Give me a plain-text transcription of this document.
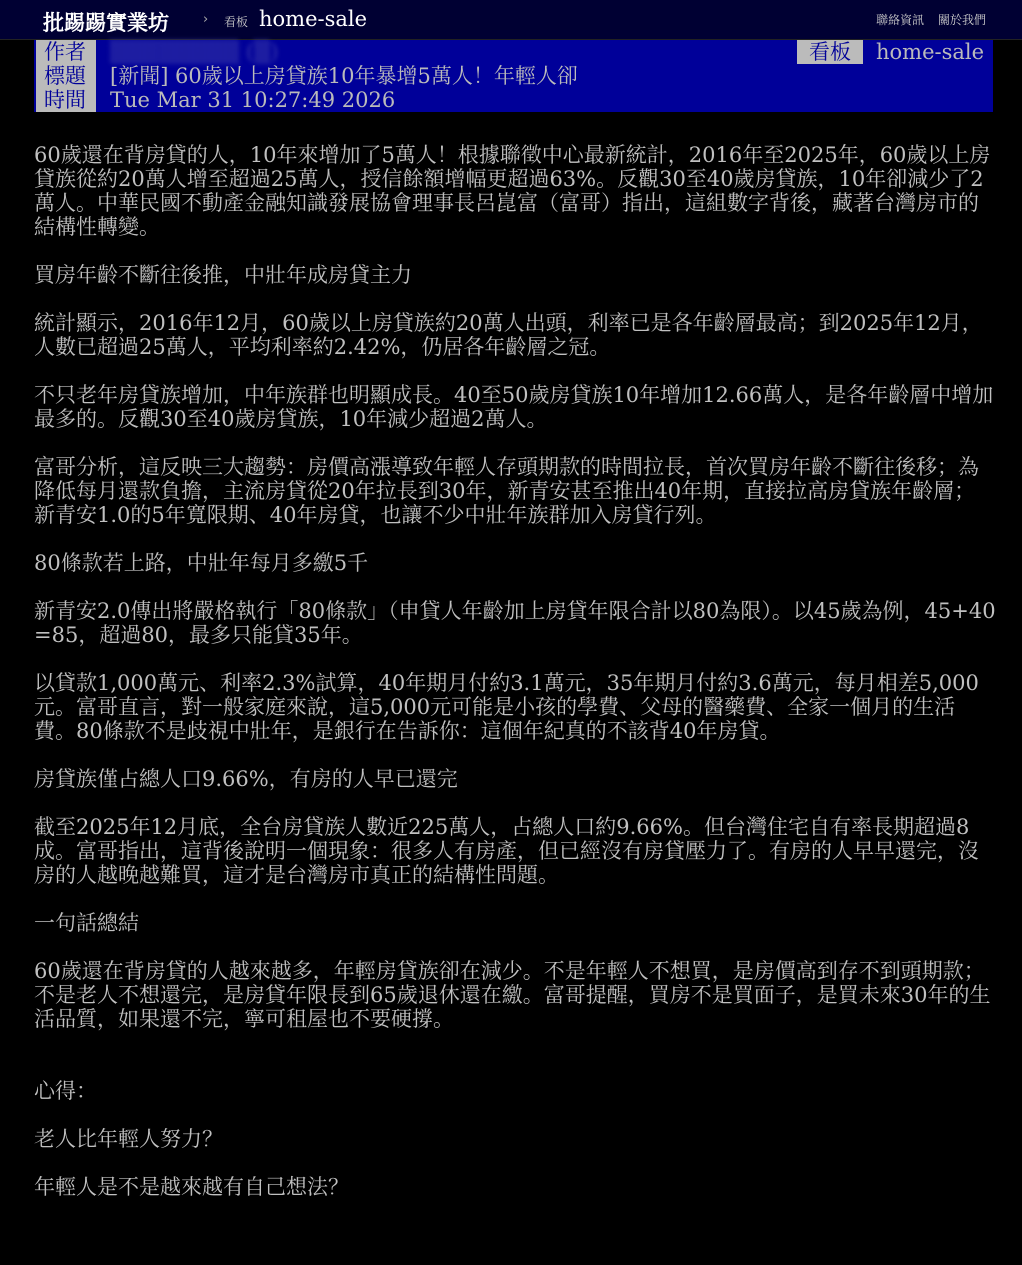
批踢踢實業坊	› 看板 home-sale	聯絡資訊 關於我們
作者	▒▒▒▒▒▒▒▒ (▒)	看板	home-sale
標題	[新聞] 60歲以上房貸族10年暴增5萬人！年輕人卻
時間	Tue Mar 31 10:27:49 2026

60歲還在背房貸的人，10年來增加了5萬人！根據聯徵中心最新統計，2016年至2025年，60歲以上房貸族從約20萬人增至超過25萬人，授信餘額增幅更超過63%。反觀30至40歲房貸族，10年卻減少了2萬人。中華民國不動產金融知識發展協會理事長呂崑富（富哥）指出，這組數字背後，藏著台灣房市的結構性轉變。

買房年齡不斷往後推，中壯年成房貸主力

統計顯示，2016年12月，60歲以上房貸族約20萬人出頭，利率已是各年齡層最高；到2025年12月，人數已超過25萬人，平均利率約2.42%，仍居各年齡層之冠。

不只老年房貸族增加，中年族群也明顯成長。40至50歲房貸族10年增加12.66萬人，是各年齡層中增加最多的。反觀30至40歲房貸族，10年減少超過2萬人。

富哥分析，這反映三大趨勢：房價高漲導致年輕人存頭期款的時間拉長，首次買房年齡不斷往後移；為降低每月還款負擔，主流房貸從20年拉長到30年，新青安甚至推出40年期，直接拉高房貸族年齡層；新青安1.0的5年寬限期、40年房貸，也讓不少中壯年族群加入房貸行列。

80條款若上路，中壯年每月多繳5千

新青安2.0傳出將嚴格執行「80條款」（申貸人年齡加上房貸年限合計以80為限）。以45歲為例，45+40=85，超過80，最多只能貸35年。

以貸款1,000萬元、利率2.3%試算，40年期月付約3.1萬元，35年期月付約3.6萬元，每月相差5,000元。富哥直言，對一般家庭來說，這5,000元可能是小孩的學費、父母的醫藥費、全家一個月的生活費。80條款不是歧視中壯年，是銀行在告訴你：這個年紀真的不該背40年房貸。

房貸族僅占總人口9.66%，有房的人早已還完

截至2025年12月底，全台房貸族人數近225萬人，占總人口約9.66%。但台灣住宅自有率長期超過8成。富哥指出，這背後說明一個現象：很多人有房產，但已經沒有房貸壓力了。有房的人早早還完，沒房的人越晚越難買，這才是台灣房市真正的結構性問題。

一句話總結

60歲還在背房貸的人越來越多，年輕房貸族卻在減少。不是年輕人不想買，是房價高到存不到頭期款；不是老人不想還完，是房貸年限長到65歲退休還在繳。富哥提醒，買房不是買面子，是買未來30年的生活品質，如果還不完，寧可租屋也不要硬撐。

心得：

老人比年輕人努力？

年輕人是不是越來越有自己想法？
